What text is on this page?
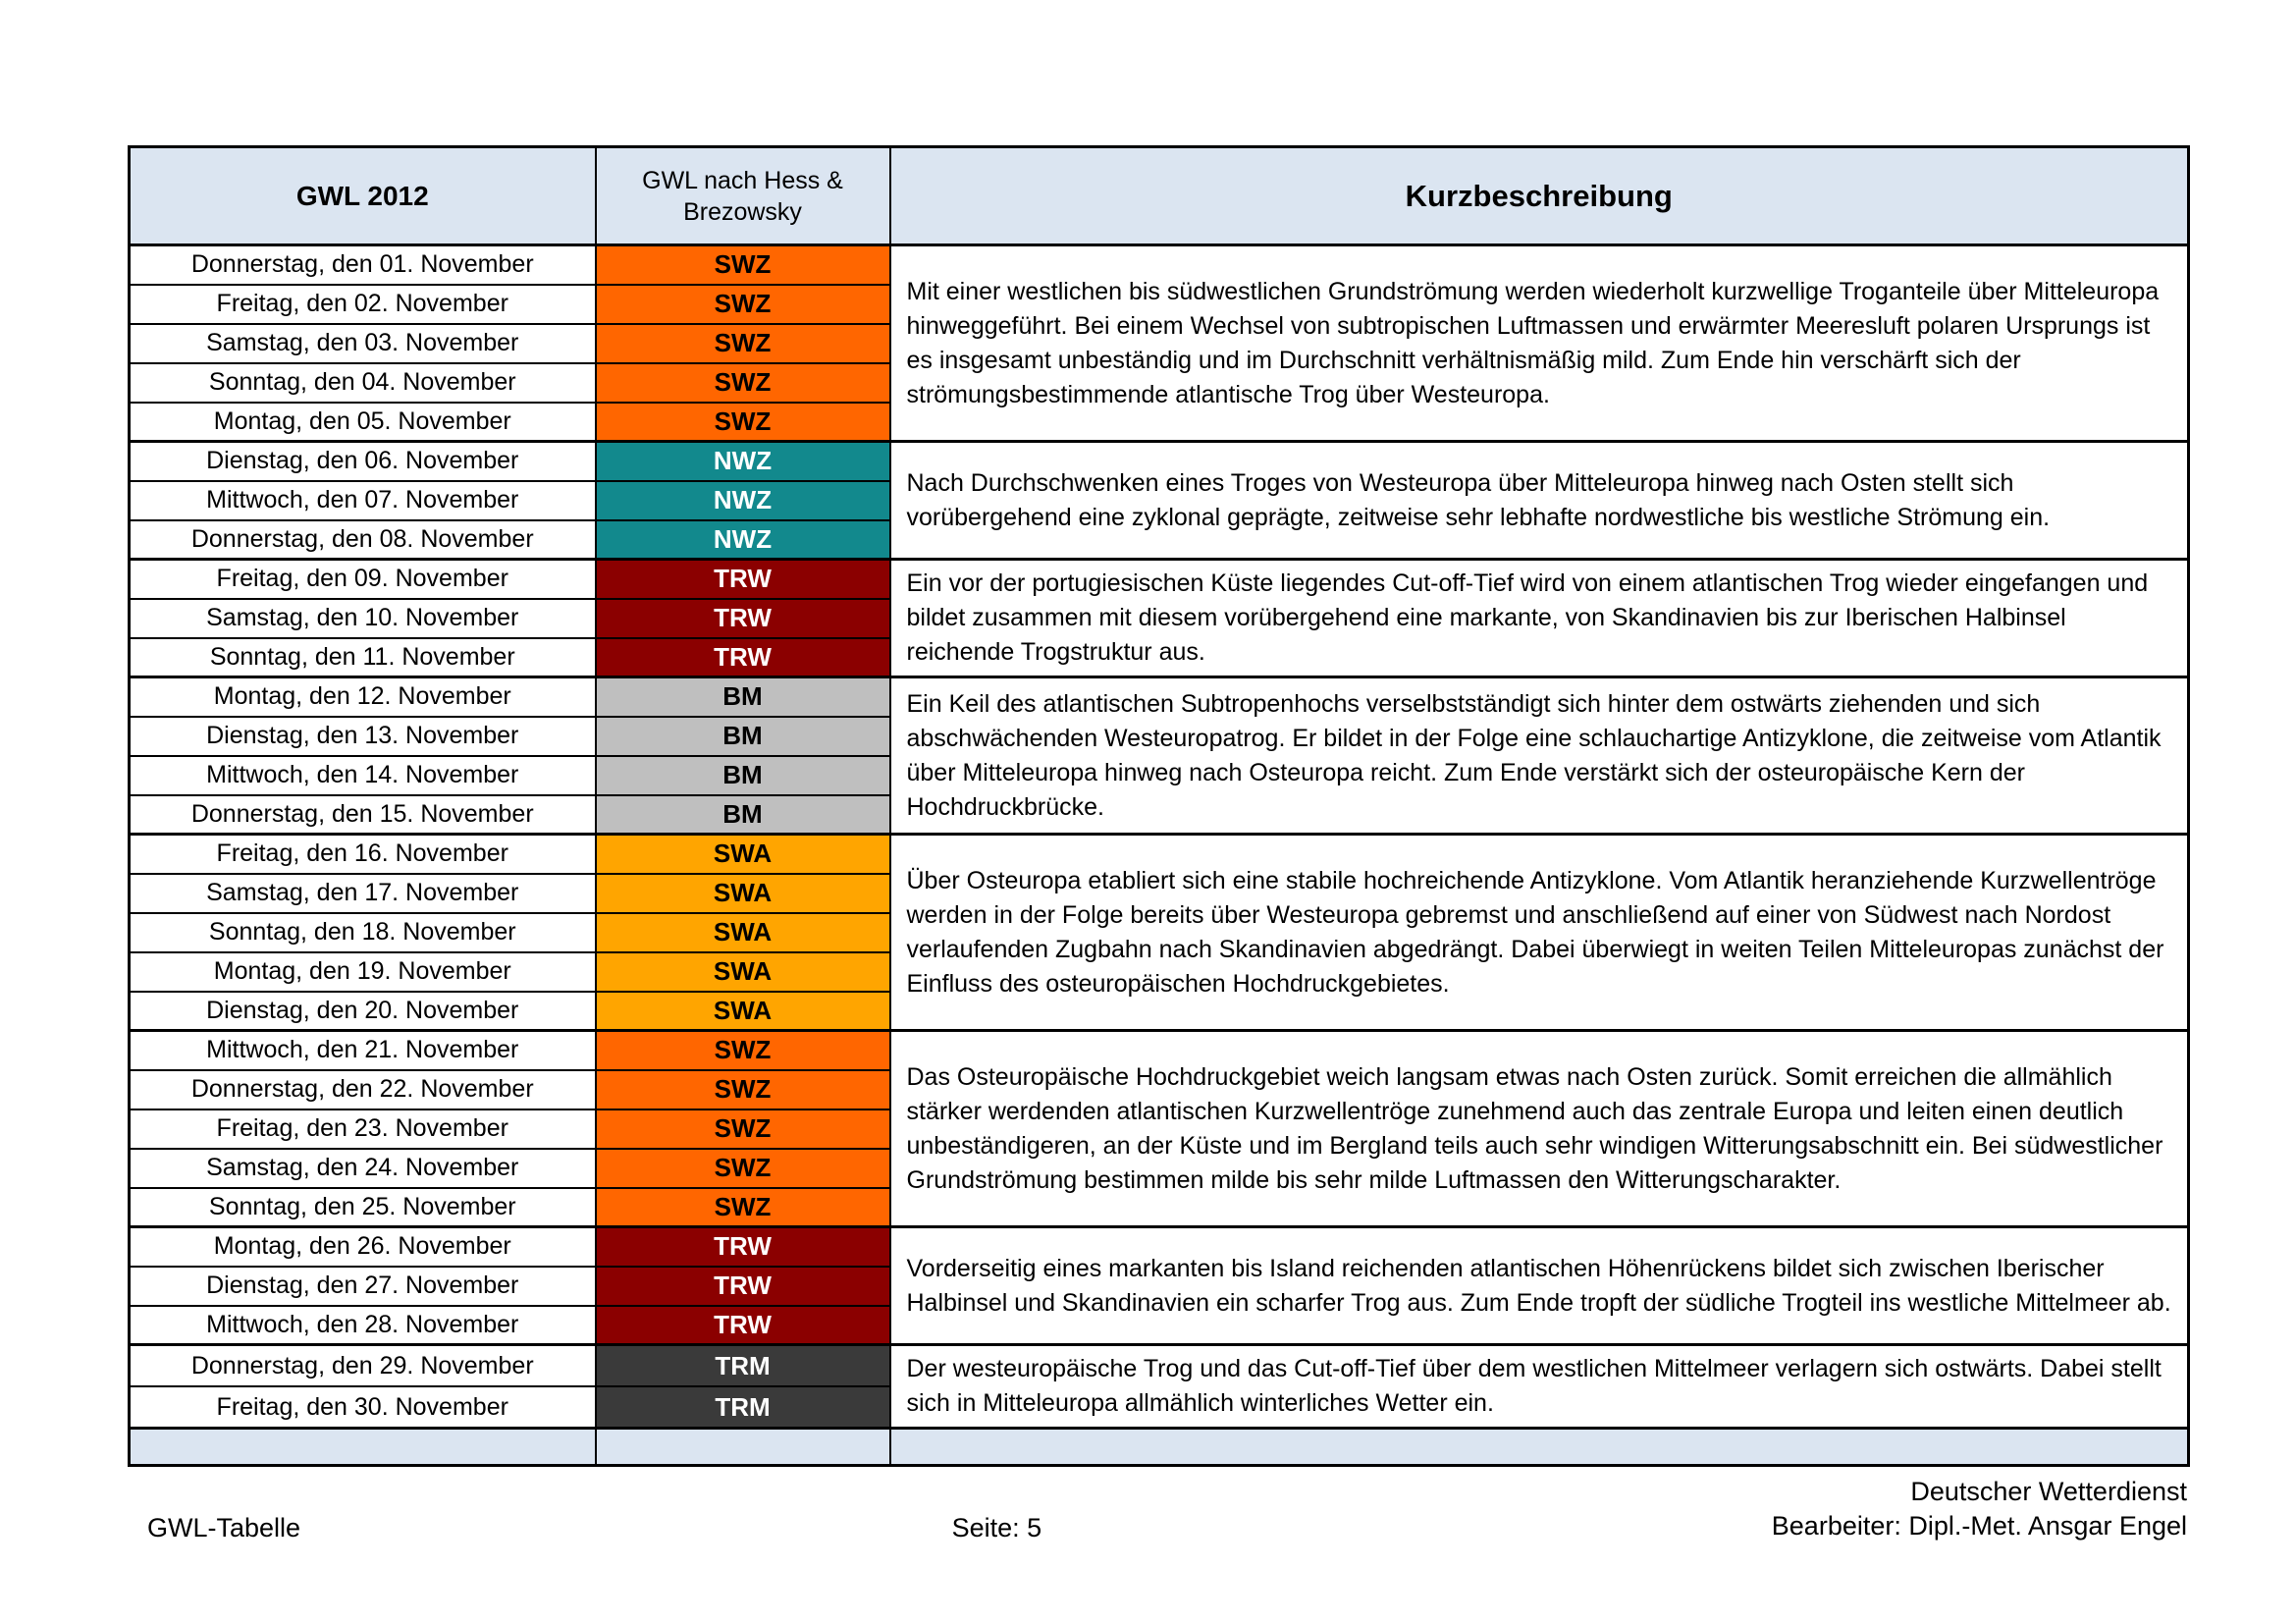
GWL 2012	GWL nach Hess & Brezowsky	Kurzbeschreibung
Donnerstag, den 01. November	SWZ	Mit einer westlichen bis südwestlichen Grundströmung werden wiederholt kurzwellige Troganteile über Mitteleuropa hinweggeführt. Bei einem Wechsel von subtropischen Luftmassen und erwärmter Meeresluft polaren Ursprungs ist es insgesamt unbeständig und im Durchschnitt verhältnismäßig mild. Zum Ende hin verschärft sich der strömungsbestimmende atlantische Trog über Westeuropa.
Freitag, den 02. November	SWZ	
Samstag, den 03. November	SWZ	
Sonntag, den 04. November	SWZ	
Montag, den 05. November	SWZ	
Dienstag, den 06. November	NWZ	Nach Durchschwenken eines Troges von Westeuropa über Mitteleuropa hinweg nach Osten stellt sich vorübergehend eine zyklonal geprägte, zeitweise sehr lebhafte nordwestliche bis westliche Strömung ein.
Mittwoch, den 07. November	NWZ	
Donnerstag, den 08. November	NWZ	
Freitag, den 09. November	TRW	Ein vor der portugiesischen Küste liegendes Cut-off-Tief wird von einem atlantischen Trog wieder eingefangen und bildet zusammen mit diesem vorübergehend eine markante, von Skandinavien bis zur Iberischen Halbinsel reichende Trogstruktur aus.
Samstag, den 10. November	TRW	
Sonntag, den 11. November	TRW	
Montag, den 12. November	BM	Ein Keil des atlantischen Subtropenhochs verselbstständigt sich hinter dem ostwärts ziehenden und sich abschwächenden Westeuropatrog. Er bildet in der Folge eine schlauchartige Antizyklone, die zeitweise vom Atlantik über Mitteleuropa hinweg nach Osteuropa reicht. Zum Ende verstärkt sich der osteuropäische Kern der Hochdruckbrücke.
Dienstag, den 13. November	BM	
Mittwoch, den 14. November	BM	
Donnerstag, den 15. November	BM	
Freitag, den 16. November	SWA	Über Osteuropa etabliert sich eine stabile hochreichende Antizyklone. Vom Atlantik heranziehende Kurzwellentröge werden in der Folge bereits über Westeuropa gebremst und anschließend auf einer von Südwest nach Nordost verlaufenden Zugbahn nach Skandinavien abgedrängt. Dabei überwiegt in weiten Teilen Mitteleuropas zunächst der Einfluss des osteuropäischen Hochdruckgebietes.
Samstag, den 17. November	SWA	
Sonntag, den 18. November	SWA	
Montag, den 19. November	SWA	
Dienstag, den 20. November	SWA	
Mittwoch, den 21. November	SWZ	Das Osteuropäische Hochdruckgebiet weich langsam etwas nach Osten zurück. Somit erreichen die allmählich stärker werdenden atlantischen Kurzwellentröge zunehmend auch das zentrale Europa und leiten einen deutlich unbeständigeren, an der Küste und im Bergland teils auch sehr windigen Witterungsabschnitt ein. Bei südwestlicher Grundströmung bestimmen milde bis sehr milde Luftmassen den Witterungscharakter.
Donnerstag, den 22. November	SWZ	
Freitag, den 23. November	SWZ	
Samstag, den 24. November	SWZ	
Sonntag, den 25. November	SWZ	
Montag, den 26. November	TRW	Vorderseitig eines markanten bis Island reichenden atlantischen Höhenrückens bildet sich zwischen Iberischer Halbinsel und Skandinavien ein scharfer Trog aus. Zum Ende tropft der südliche Trogteil ins westliche Mittelmeer ab.
Dienstag, den 27. November	TRW	
Mittwoch, den 28. November	TRW	
Donnerstag, den 29. November	TRM	Der westeuropäische Trog und das Cut-off-Tief über dem westlichen Mittelmeer verlagern sich ostwärts. Dabei stellt sich in Mitteleuropa allmählich winterliches Wetter ein.
Freitag, den 30. November	TRM	

GWL-Tabelle	Seite: 5
Deutscher Wetterdienst
Bearbeiter: Dipl.-Met. Ansgar Engel
